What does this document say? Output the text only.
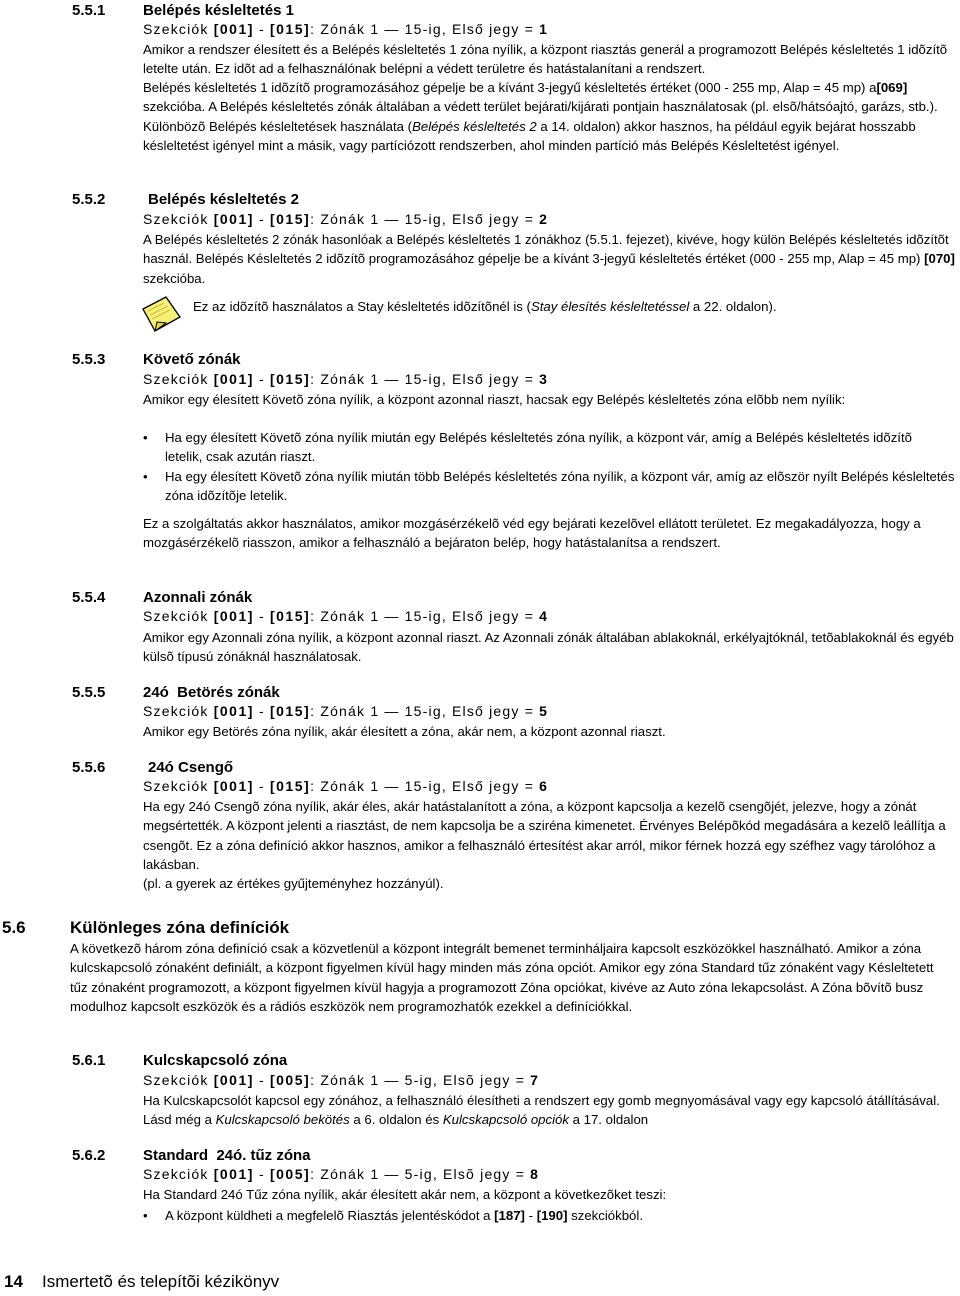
5.5.1	Belépés késleltetés 1
Szekciók [001] - [015]: Zónák 1 — 15-ig, Első jegy = 1
Amikor a rendszer élesített és a Belépés késleltetés 1 zóna nyílik, a központ riasztás generál a programozott Belépés késleltetés 1 idõzítõ letelte után. Ez idõt ad a felhasználónak belépni a védett területre és hatástalanítani a rendszert.
Belépés késleltetés 1 idõzítõ programozásához gépelje be a kívánt 3-jegyű késleltetés értéket (000 - 255 mp, Alap = 45 mp) a[069] szekcióba. A Belépés késleltetés zónák általában a védett terület bejárati/kijárati pontjain használatosak (pl. elsõ/hátsóajtó, garázs, stb.). Különbözõ Belépés késleltetések használata (Belépés késleltetés 2 a 14. oldalon) akkor hasznos, ha például egyik bejárat hosszabb késleltetést igényel mint a másik, vagy partíciózott rendszerben, ahol minden partíció más Belépés Késleltetést igényel.
5.5.2	Belépés késleltetés 2
Szekciók [001] - [015]: Zónák 1 — 15-ig, Első jegy = 2
A Belépés késleltetés 2 zónák hasonlóak a Belépés késleltetés 1 zónákhoz (5.5.1. fejezet), kivéve, hogy külön Belépés késleltetés idõzítõt használ. Belépés Késleltetés 2 idõzítõ programozásához gépelje be a kívánt 3-jegyű késleltetés értéket (000 - 255 mp, Alap = 45 mp) [070] szekcióba.
Ez az idõzítõ használatos a Stay késleltetés idõzítõnél is (Stay élesítés késleltetéssel a 22. oldalon).
5.5.3	Követő zónák
Szekciók [001] - [015]: Zónák 1 — 15-ig, Első jegy = 3
Amikor egy élesített Követõ zóna nyílik, a központ azonnal riaszt, hacsak egy Belépés késleltetés zóna elõbb nem nyílik:
• Ha egy élesített Követõ zóna nyílik miután egy Belépés késleltetés zóna nyílik, a központ vár, amíg a Belépés késleltetés idõzítõ letelik, csak azután riaszt.
• Ha egy élesített Követõ zóna nyílik miután több Belépés késleltetés zóna nyílik, a központ vár, amíg az elõször nyílt Belépés késleltetés zóna idõzítõje letelik.
Ez a szolgáltatás akkor használatos, amikor mozgásérzékelõ véd egy bejárati kezelõvel ellátott területet. Ez megakadályozza, hogy a mozgásérzékelõ riasszon, amikor a felhasználó a bejáraton belép, hogy hatástalanítsa a rendszert.
5.5.4	Azonnali zónák
Szekciók [001] - [015]: Zónák 1 — 15-ig, Első jegy = 4
Amikor egy Azonnali zóna nyílik, a központ azonnal riaszt. Az Azonnali zónák általában ablakoknál, erkélyajtóknál, tetõablakoknál és egyéb külsõ típusú zónáknál használatosak.
5.5.5	24ó  Betörés zónák
Szekciók [001] - [015]: Zónák 1 — 15-ig, Első jegy = 5
Amikor egy Betörés zóna nyílik, akár élesített a zóna, akár nem, a központ azonnal riaszt.
5.5.6	24ó Csengő
Szekciók [001] - [015]: Zónák 1 — 15-ig, Első jegy = 6
Ha egy 24ó Csengõ zóna nyílik, akár éles, akár hatástalanított a zóna, a központ kapcsolja a kezelõ csengõjét, jelezve, hogy a zónát megsértették. A központ jelenti a riasztást, de nem kapcsolja be a sziréna kimenetet. Érvényes Belépõkód megadására a kezelõ leállítja a csengõt. Ez a zóna definíció akkor hasznos, amikor a felhasználó értesítést akar arról, mikor férnek hozzá egy széfhez vagy tárolóhoz a lakásban.
(pl. a gyerek az értékes gyűjteményhez hozzányúl).
5.6	Különleges zóna definíciók
A következõ három zóna definíció csak a közvetlenül a központ integrált bemenet terminháljaira kapcsolt eszközökkel használható. Amikor a zóna kulcskapcsoló zónaként definiált, a központ figyelmen kívül hagy minden más zóna opciót. Amikor egy zóna Standard tűz zónaként vagy Késleltetett tűz zónaként programozott, a központ figyelmen kívül hagyja a programozott Zóna opciókat, kivéve az Auto zóna lekapcsolást. A Zóna bõvítõ busz modulhoz kapcsolt eszközök és a rádiós eszközök nem programozhatók ezekkel a definíciókkal.
5.6.1	Kulcskapcsoló zóna
Szekciók [001] - [005]: Zónák 1 — 5-ig, Elsõ jegy = 7
Ha Kulcskapcsolót kapcsol egy zónához, a felhasználó élesítheti a rendszert egy gomb megnyomásával vagy egy kapcsoló átállításával. Lásd még a Kulcskapcsoló bekötés a 6. oldalon és Kulcskapcsoló opciók a 17. oldalon
5.6.2	Standard  24ó. tűz zóna
Szekciók [001] - [005]: Zónák 1 — 5-ig, Elsõ jegy = 8
Ha Standard 24ó Tűz zóna nyílik, akár élesített akár nem, a központ a következõket teszi:
• A központ küldheti a megfelelõ Riasztás jelentéskódot a [187] - [190] szekciókból.
14 Ismertetõ és telepítõi kézikönyv
